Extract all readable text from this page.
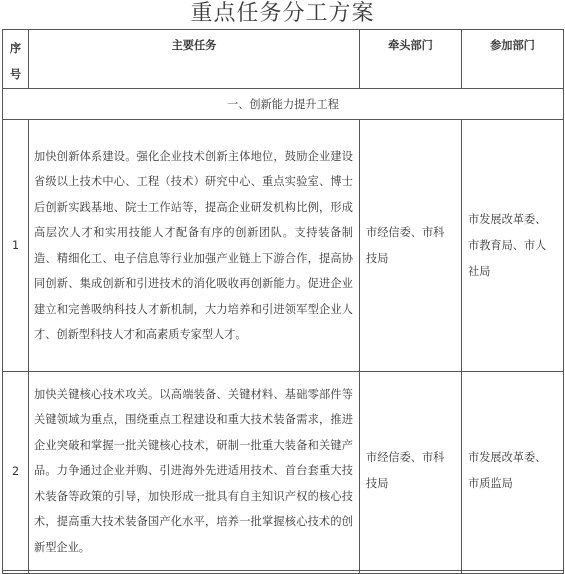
重点任务分工方案
序号	主要任务	牵头部门	参加部门

一、创新能力提升工程			
1	加快创新体系建设。强化企业技术创新主体地位，鼓励企业建设省级以上技术中心、工程（技术）研究中心、重点实验室、博士后创新实践基地、院士工作站等，提高企业研发机构比例，形成高层次人才和实用技能人才配备有序的创新团队。支持装备制造、精细化工、电子信息等行业加强产业链上下游合作，提高协同创新、集成创新和引进技术的消化吸收再创新能力。促进企业建立和完善吸纳科技人才新机制，大力培养和引进领军型企业人才、创新型科技人才和高素质专家型人才。	市经信委、市科技局	市发展改革委、市教育局、市人社局

2	加快关键核心技术攻关。以高端装备、关键材料、基础零部件等关键领域为重点，围绕重点工程建设和重大技术装备需求，推进企业突破和掌握一批关键核心技术，研制一批重大装备和关键产品。力争通过企业并购、引进海外先进适用技术、首台套重大技术装备等政策的引导，加快形成一批具有自主知识产权的核心技术，提高重大技术装备国产化水平，培养一批掌握核心技术的创新型企业。	市经信委、市科技局	市发展改革委、市质监局
